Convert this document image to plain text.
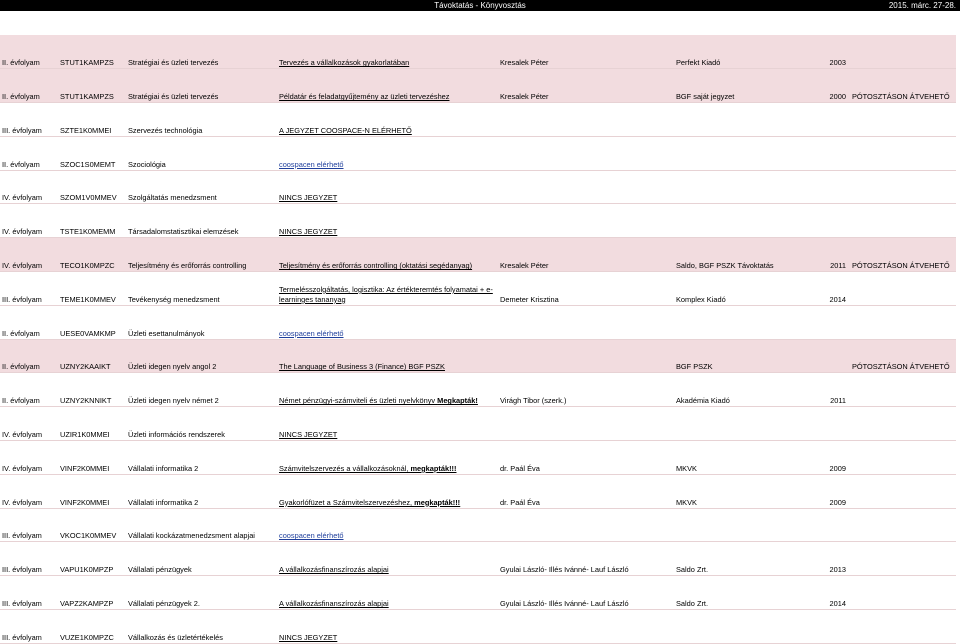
Távoktatás - Könyvosztás	2015. márc. 27-28.
II. évfolyam	STUT1KAMPZS	Stratégiai és üzleti tervezés	Tervezés a vállalkozások gyakorlatában	Kresalek Péter	Perfekt Kiadó	2003	
II. évfolyam	STUT1KAMPZS	Stratégiai és üzleti tervezés	Példatár és feladatgyűjtemény az üzleti tervezéshez	Kresalek Péter	BGF saját jegyzet	2000	PÓTOSZTÁSON ÁTVEHETŐ
III. évfolyam	SZTE1K0MMEI	Szervezés technológia	A JEGYZET COOSPACE-N ELÉRHETŐ				
II. évfolyam	SZOC1S0MEMT	Szociológia	coospacen elérhető				
IV. évfolyam	SZOM1V0MMEV	Szolgáltatás menedzsment	NINCS JEGYZET				
IV. évfolyam	TSTE1K0MEMM	Társadalomstatisztikai elemzések	NINCS JEGYZET				
IV. évfolyam	TECO1K0MPZC	Teljesítmény és erőforrás controlling	Teljesítmény és erőforrás controlling (oktatási segédanyag)	Kresalek Péter	Saldo, BGF PSZK Távoktatás	2011	PÓTOSZTÁSON ÁTVEHETŐ
III. évfolyam	TEME1K0MMEV	Tevékenység menedzsment	Termelésszolgáltatás, logisztika: Az értékteremtés folyamatai + e-learninges tananyag	Demeter Krisztina	Komplex Kiadó	2014	
II. évfolyam	UESE0VAMKMP	Üzleti esettanulmányok	coospacen elérhető				
II. évfolyam	UZNY2KAAIKT	Üzleti idegen nyelv angol 2	The Language of Business 3 (Finance) BGF PSZK		BGF PSZK		PÓTOSZTÁSON ÁTVEHETŐ
II. évfolyam	UZNY2KNNIKT	Üzleti idegen nyelv német 2	Német pénzügyi-számviteli és üzleti nyelvkönyv Megkapták!	Virágh Tibor (szerk.)	Akadémia Kiadó	2011	
IV. évfolyam	UZIR1K0MMEI	Üzleti információs rendszerek	NINCS JEGYZET				
IV. évfolyam	VINF2K0MMEI	Vállalati informatika 2	Számvitelszervezés a vállalkozásoknál, megkapták!!!	dr. Paál Éva	MKVK	2009	
IV. évfolyam	VINF2K0MMEI	Vállalati informatika 2	Gyakorlófüzet a Számvitelszervezéshez, megkapták!!!	dr. Paál Éva	MKVK	2009	
III. évfolyam	VKOC1K0MMEV	Vállalati kockázatmenedzsment alapjai	coospacen elérhető				
III. évfolyam	VAPU1K0MPZP	Vállalati pénzügyek	A vállalkozásfinanszírozás alapjai	Gyulai László- Illés Ivánné- Lauf László	Saldo Zrt.	2013	
III. évfolyam	VAPZ2KAMPZP	Vállalati pénzügyek 2.	A vállalkozásfinanszírozás alapjai	Gyulai László- Illés Ivánné- Lauf László	Saldo Zrt.	2014	
III. évfolyam	VUZE1K0MPZC	Vállalkozás és üzletértékelés	NINCS JEGYZET				
